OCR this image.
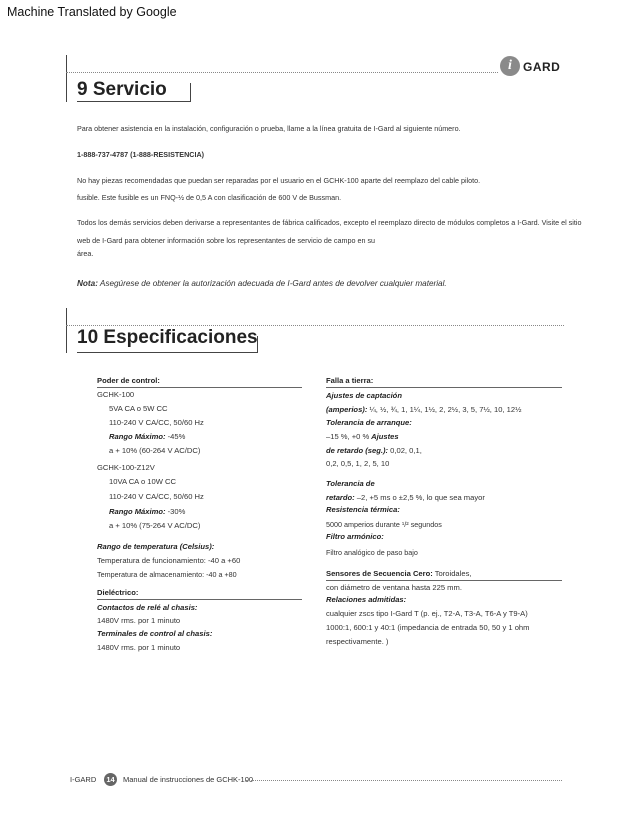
Machine Translated by Google
i GARD
9 Servicio
Para obtener asistencia en la instalación, configuración o prueba, llame a la línea gratuita de I-Gard al siguiente número.
1-888-737-4787 (1-888-RESISTENCIA)
No hay piezas recomendadas que puedan ser reparadas por el usuario en el GCHK-100 aparte del reemplazo del cable piloto.
fusible. Este fusible es un FNQ-½ de 0,5 A con clasificación de 600 V de Bussman.
Todos los demás servicios deben derivarse a representantes de fábrica calificados, excepto el reemplazo directo de módulos completos a I-Gard. Visite el sitio
web de I-Gard para obtener información sobre los representantes de servicio de campo en su
área.
Nota: Asegúrese de obtener la autorización adecuada de I-Gard antes de devolver cualquier material.
10 Especificaciones
Poder de control:
GCHK-100
5VA CA o 5W CC
110-240 V CA/CC, 50/60 Hz
Rango Máximo: -45%
a + 10% (60-264 V AC/DC)
GCHK-100-Z12V
10VA CA o 10W CC
110-240 V CA/CC, 50/60 Hz
Rango Máximo: -30%
a + 10% (75-264 V AC/DC)
Rango de temperatura (Celsius):
Temperatura de funcionamiento: -40 a +60
Temperatura de almacenamiento: -40 a +80
Dieléctrico:
Contactos de relé al chasis:
1480V rms. por 1 minuto
Terminales de control al chasis:
1480V rms. por 1 minuto
Falla a tierra:
Ajustes de captación
(amperios): ¼, ½, ¾, 1, 1¼, 1½, 2, 2½, 3, 5, 7½, 10, 12½
Tolerancia de arranque:
–15 %, +0 % Ajustes
de retardo (seg.): 0,02, 0,1,
0,2, 0,5, 1, 2, 5, 10
Tolerancia de
retardo: –2, +5 ms o ±2,5 %, lo que sea mayor
Resistencia térmica:
5000 amperios durante ¹/² segundos
Filtro armónico:
Filtro analógico de paso bajo
Sensores de Secuencia Cero: Toroidales,
con diámetro de ventana hasta 225 mm.
Relaciones admitidas:
cualquier zscs tipo I-Gard T (p. ej., T2-A, T3-A, T6-A y T9-A)
1000:1, 600:1 y 40:1 (impedancia de entrada 50, 50 y 1 ohm
respectivamente. )
I-GARD	14	Manual de instrucciones de GCHK-100
